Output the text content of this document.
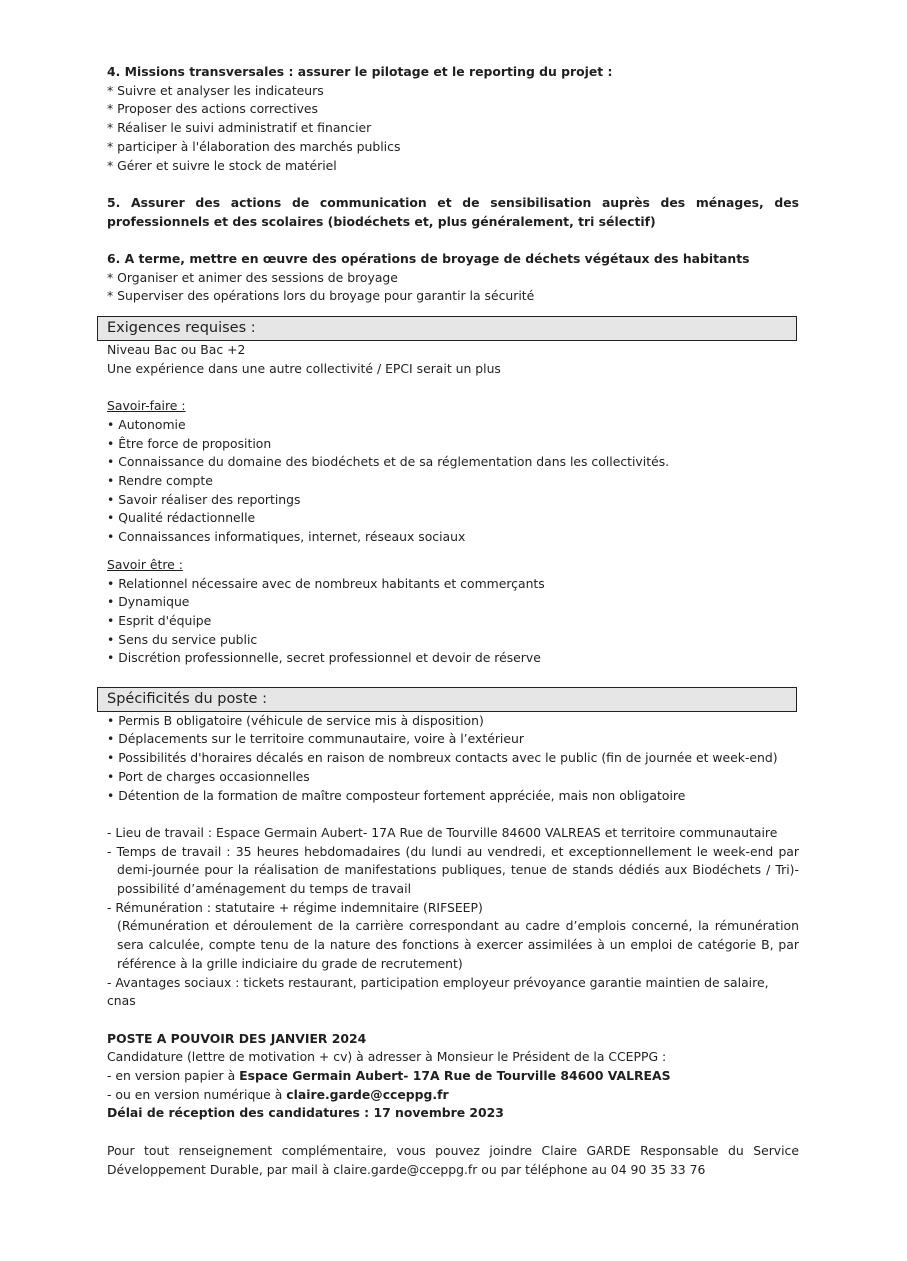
4. Missions transversales : assurer le pilotage et le reporting du projet :

* Suivre et analyser les indicateurs

* Proposer des actions correctives

* Réaliser le suivi administratif et financier

* participer à l'élaboration des marchés publics

* Gérer et suivre le stock de matériel

5. Assurer des actions de communication et de sensibilisation auprès des ménages, des professionnels et des scolaires (biodéchets et, plus généralement, tri sélectif)

6. A terme, mettre en œuvre des opérations de broyage de déchets végétaux des habitants

* Organiser et animer des sessions de broyage

* Superviser des opérations lors du broyage pour garantir la sécurité

Exigences requises :

Niveau Bac ou Bac +2

Une expérience dans une autre collectivité / EPCI serait un plus

Savoir-faire :

• Autonomie

• Être force de proposition

• Connaissance du domaine des biodéchets et de sa réglementation dans les collectivités.

• Rendre compte

• Savoir réaliser des reportings

• Qualité rédactionnelle

• Connaissances informatiques, internet, réseaux sociaux

Savoir être :

• Relationnel nécessaire avec de nombreux habitants et commerçants

• Dynamique

• Esprit d'équipe

• Sens du service public

• Discrétion professionnelle, secret professionnel et devoir de réserve

Spécificités du poste :

• Permis B obligatoire (véhicule de service mis à disposition)

• Déplacements sur le territoire communautaire, voire à l’extérieur

• Possibilités d'horaires décalés en raison de nombreux contacts avec le public (fin de journée et week-end)

• Port de charges occasionnelles

• Détention de la formation de maître composteur fortement appréciée, mais non obligatoire

- Lieu de travail : Espace Germain Aubert- 17A Rue de Tourville 84600 VALREAS et territoire communautaire

- Temps de travail : 35 heures hebdomadaires (du lundi au vendredi, et exceptionnellement le week-end par demi-journée pour la réalisation de manifestations publiques, tenue de stands dédiés aux Biodéchets / Tri)- possibilité d’aménagement du temps de travail

- Rémunération : statutaire + régime indemnitaire (RIFSEEP)

(Rémunération et déroulement de la carrière correspondant au cadre d’emplois concerné, la rémunération sera calculée, compte tenu de la nature des fonctions à exercer assimilées à un emploi de catégorie B, par référence à la grille indiciaire du grade de recrutement)

- Avantages sociaux : tickets restaurant, participation employeur prévoyance garantie maintien de salaire, cnas

POSTE A POUVOIR DES JANVIER 2024

Candidature (lettre de motivation + cv) à adresser à Monsieur le Président de la CCEPPG :

- en version papier à Espace Germain Aubert- 17A Rue de Tourville 84600 VALREAS

- ou en version numérique à claire.garde@cceppg.fr

Délai de réception des candidatures : 17 novembre 2023

Pour tout renseignement complémentaire, vous pouvez joindre Claire GARDE Responsable du Service Développement Durable, par mail à claire.garde@cceppg.fr ou par téléphone au 04 90 35 33 76
